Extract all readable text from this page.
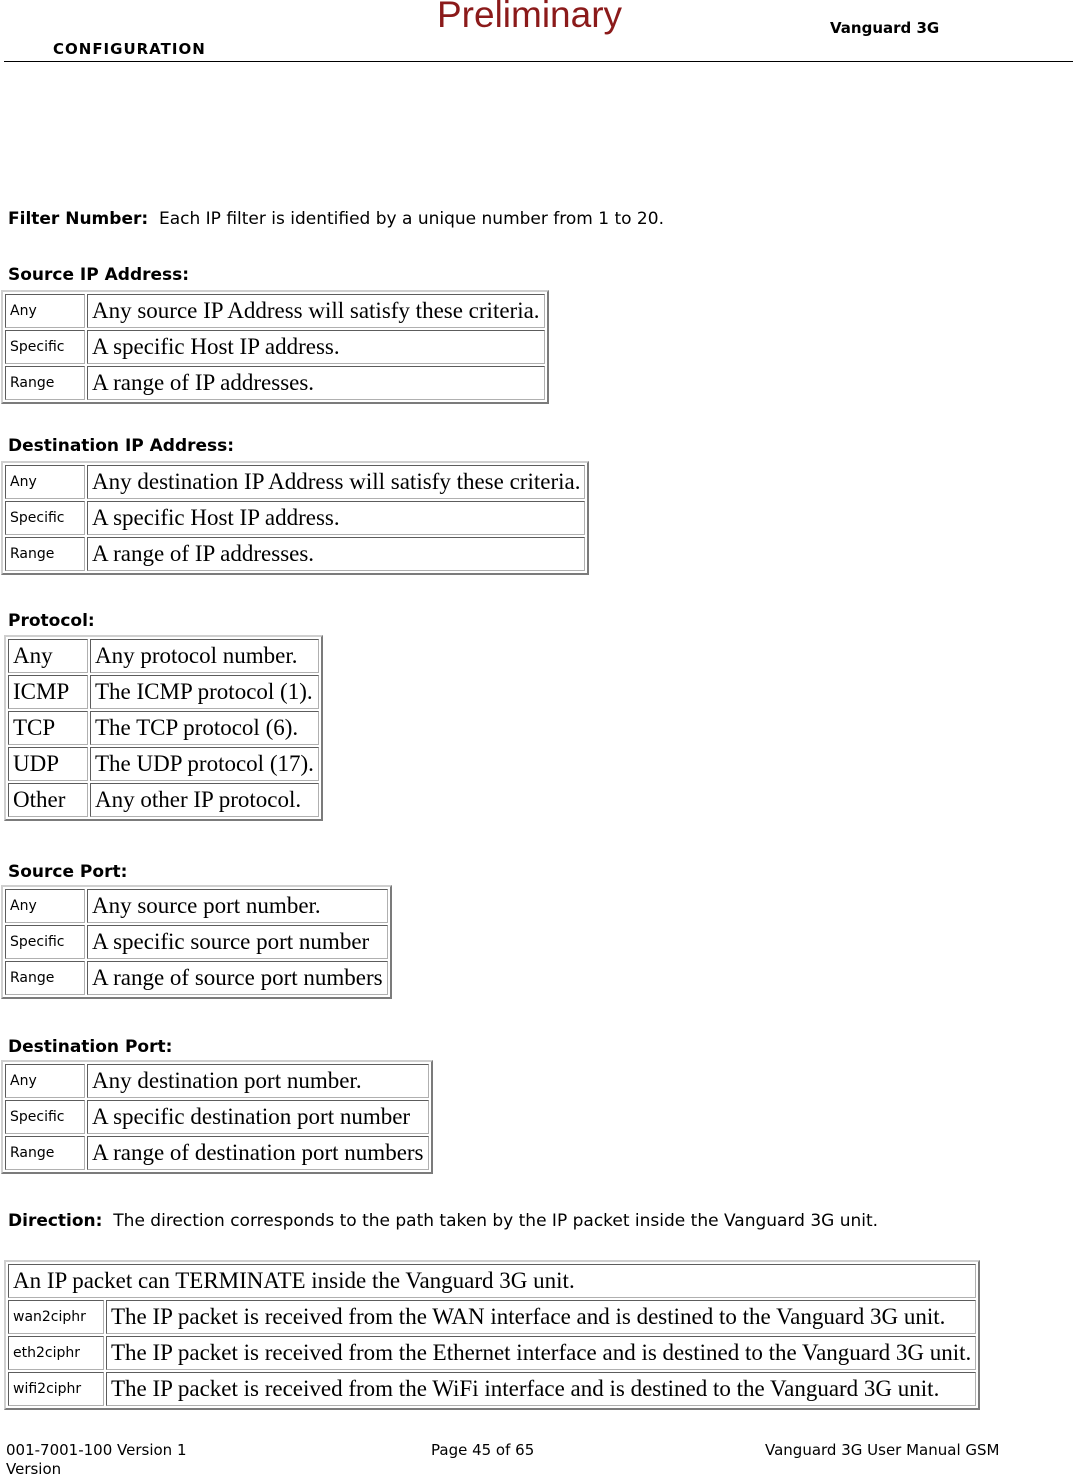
CONFIGURATION
Preliminary	Vanguard 3G

Filter Number: Each IP filter is identified by a unique number from 1 to 20.

Source IP Address:

Any	Any source IP Address will satisfy these criteria.
Specific	A specific Host IP address.
Range	A range of IP addresses.

Destination IP Address:

Any	Any destination IP Address will satisfy these criteria.
Specific	A specific Host IP address.
Range	A range of IP addresses.

Protocol:

Any	Any protocol number.
ICMP	The ICMP protocol (1).
TCP	The TCP protocol (6).
UDP	The UDP protocol (17).
Other	Any other IP protocol.

Source Port:

Any	Any source port number.
Specific	A specific source port number
Range	A range of source port numbers

Destination Port:

Any	Any destination port number.
Specific	A specific destination port number
Range	A range of destination port numbers

Direction: The direction corresponds to the path taken by the IP packet inside the Vanguard 3G unit.

An IP packet can TERMINATE inside the Vanguard 3G unit.	
wan2ciphr	The IP packet is received from the WAN interface and is destined to the Vanguard 3G unit.
eth2ciphr	The IP packet is received from the Ethernet interface and is destined to the Vanguard 3G unit.
wifi2ciphr	The IP packet is received from the WiFi interface and is destined to the Vanguard 3G unit.
001-7001-100 Version 1
Version
Page 45 of 65	Vanguard 3G User Manual GSM
